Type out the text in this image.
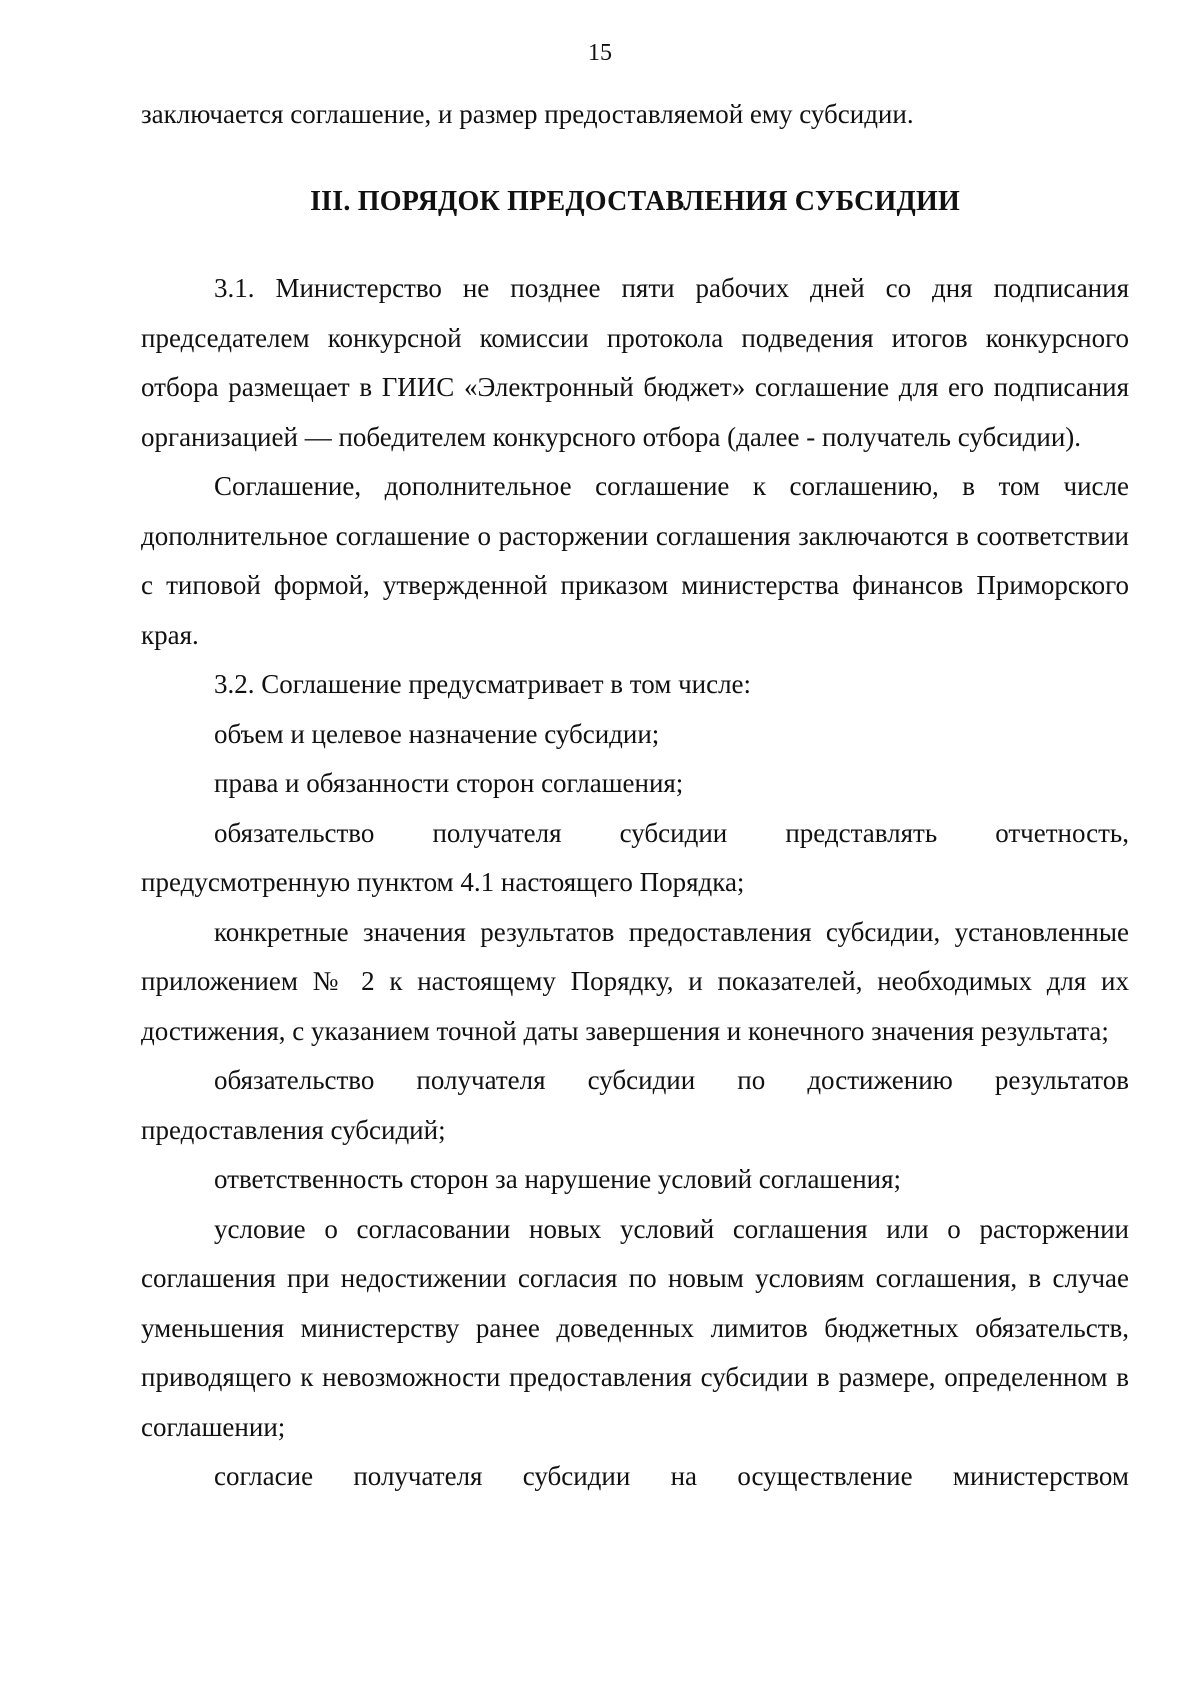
15
заключается соглашение, и размер предоставляемой ему субсидии.
III. ПОРЯДОК ПРЕДОСТАВЛЕНИЯ СУБСИДИИ

3.1. Министерство не позднее пяти рабочих дней со дня подписания председателем конкурсной комиссии протокола подведения итогов конкурсного отбора размещает в ГИИС «Электронный бюджет» соглашение для его подписания организацией — победителем конкурсного отбора (далее - получатель субсидии).

Соглашение, дополнительное соглашение к соглашению, в том числе дополнительное соглашение о расторжении соглашения заключаются в соответствии с типовой формой, утвержденной приказом министерства финансов Приморского края.

3.2. Соглашение предусматривает в том числе:

объем и целевое назначение субсидии;

права и обязанности сторон соглашения;

обязательство получателя субсидии представлять отчетность, предусмотренную пунктом 4.1 настоящего Порядка;

конкретные значения результатов предоставления субсидии, установленные приложением № 2 к настоящему Порядку, и показателей, необходимых для их достижения, с указанием точной даты завершения и конечного значения результата;

обязательство получателя субсидии по достижению результатов предоставления субсидий;

ответственность сторон за нарушение условий соглашения;

условие о согласовании новых условий соглашения или о расторжении соглашения при недостижении согласия по новым условиям соглашения, в случае уменьшения министерству ранее доведенных лимитов бюджетных обязательств, приводящего к невозможности предоставления субсидии в размере, определенном в соглашении;

согласие получателя субсидии на осуществление министерством
